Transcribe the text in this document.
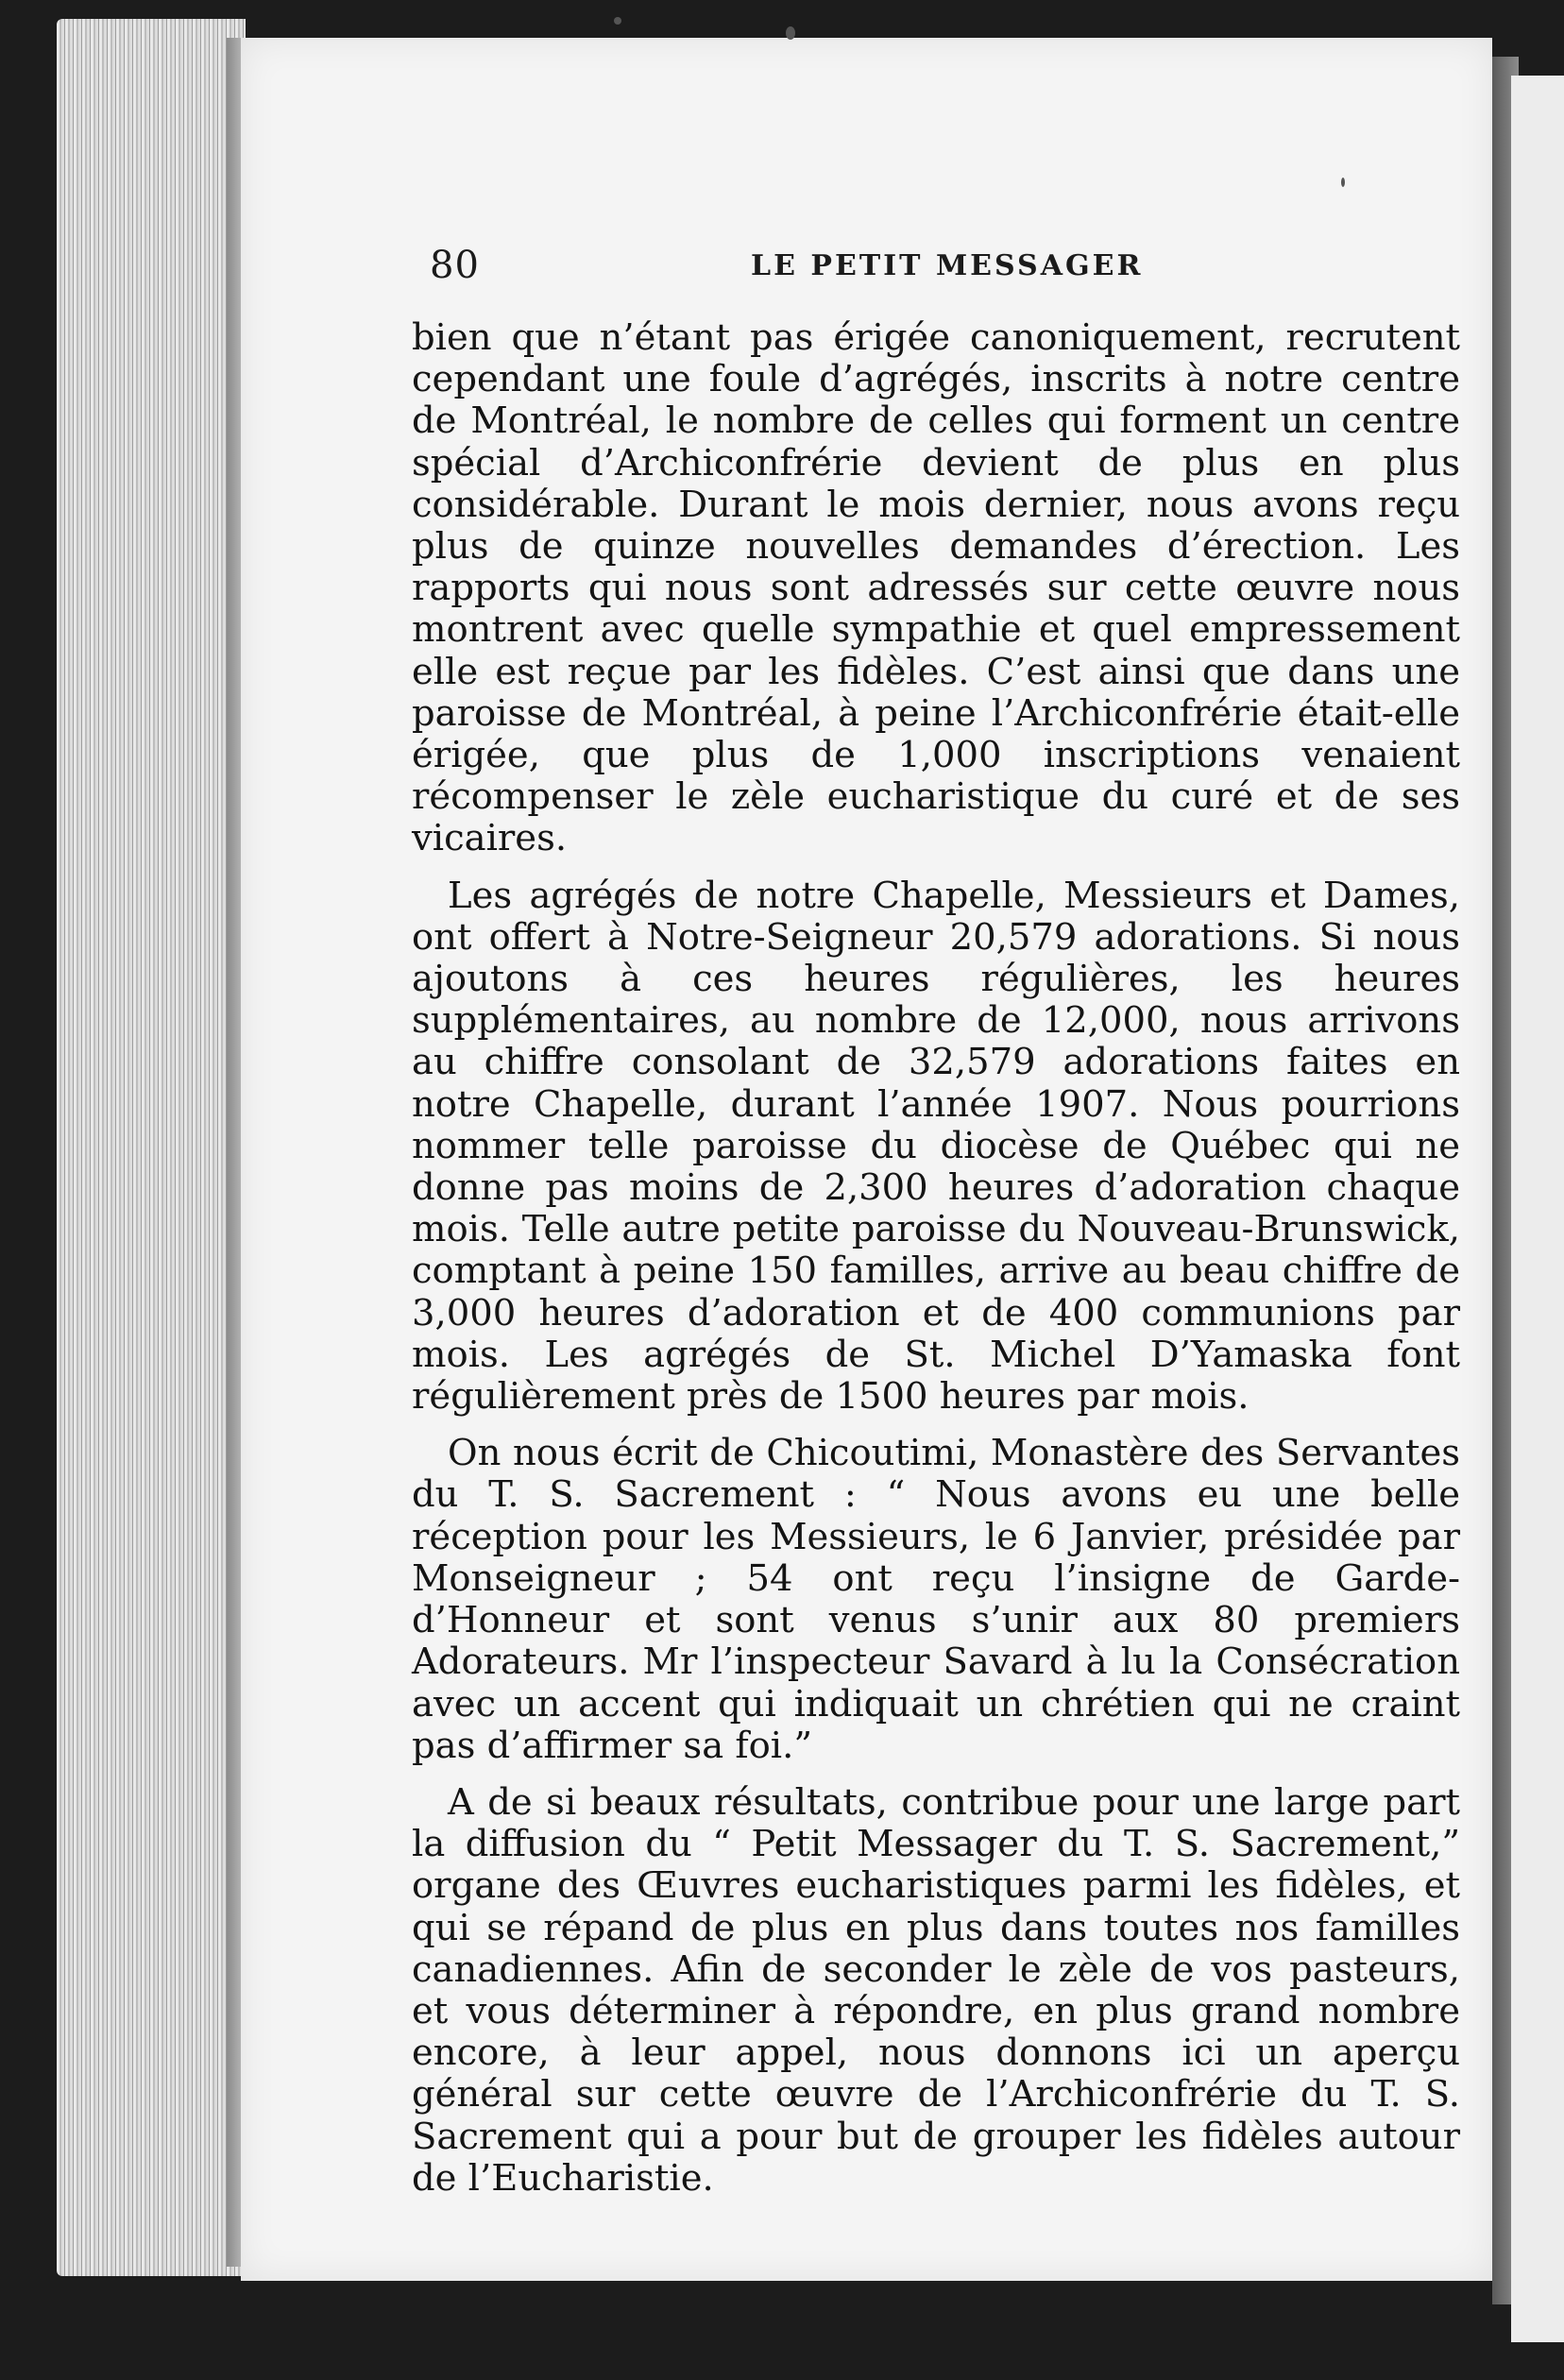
80	LE PETIT MESSAGER

bien que n’étant pas érigée canoniquement, recrutent cependant une foule d’agrégés, inscrits à notre centre de Montréal, le nombre de celles qui forment un centre spécial d’Archiconfrérie devient de plus en plus considérable. Durant le mois dernier, nous avons reçu plus de quinze nouvelles demandes d’érection. Les rapports qui nous sont adressés sur cette œuvre nous montrent avec quelle sympathie et quel empressement elle est reçue par les fidèles. C’est ainsi que dans une paroisse de Montréal, à peine l’Archiconfrérie était-elle érigée, que plus de 1,000 inscriptions venaient récompenser le zèle eucharistique du curé et de ses vicaires.

Les agrégés de notre Chapelle, Messieurs et Dames, ont offert à Notre-Seigneur 20,579 adorations. Si nous ajoutons à ces heures régulières, les heures supplémentaires, au nombre de 12,000, nous arrivons au chiffre consolant de 32,579 adorations faites en notre Chapelle, durant l’année 1907. Nous pourrions nommer telle paroisse du diocèse de Québec qui ne donne pas moins de 2,300 heures d’adoration chaque mois. Telle autre petite paroisse du Nouveau-Brunswick, comptant à peine 150 familles, arrive au beau chiffre de 3,000 heures d’adoration et de 400 communions par mois. Les agrégés de St. Michel D’Yamaska font régulièrement près de 1500 heures par mois.

On nous écrit de Chicoutimi, Monastère des Servantes du T. S. Sacrement : “ Nous avons eu une belle réception pour les Messieurs, le 6 Janvier, présidée par Monseigneur ; 54 ont reçu l’insigne de Garde-d’Honneur et sont venus s’unir aux 80 premiers Adorateurs. Mr l’inspecteur Savard à lu la Consécration avec un accent qui indiquait un chrétien qui ne craint pas d’affirmer sa foi.”

A de si beaux résultats, contribue pour une large part la diffusion du “ Petit Messager du T. S. Sacrement,” organe des Œuvres eucharistiques parmi les fidèles, et qui se répand de plus en plus dans toutes nos familles canadiennes. Afin de seconder le zèle de vos pasteurs, et vous déterminer à répondre, en plus grand nombre encore, à leur appel, nous donnons ici un aperçu général sur cette œuvre de l’Archiconfrérie du T. S. Sacrement qui a pour but de grouper les fidèles autour de l’Eucharistie.
